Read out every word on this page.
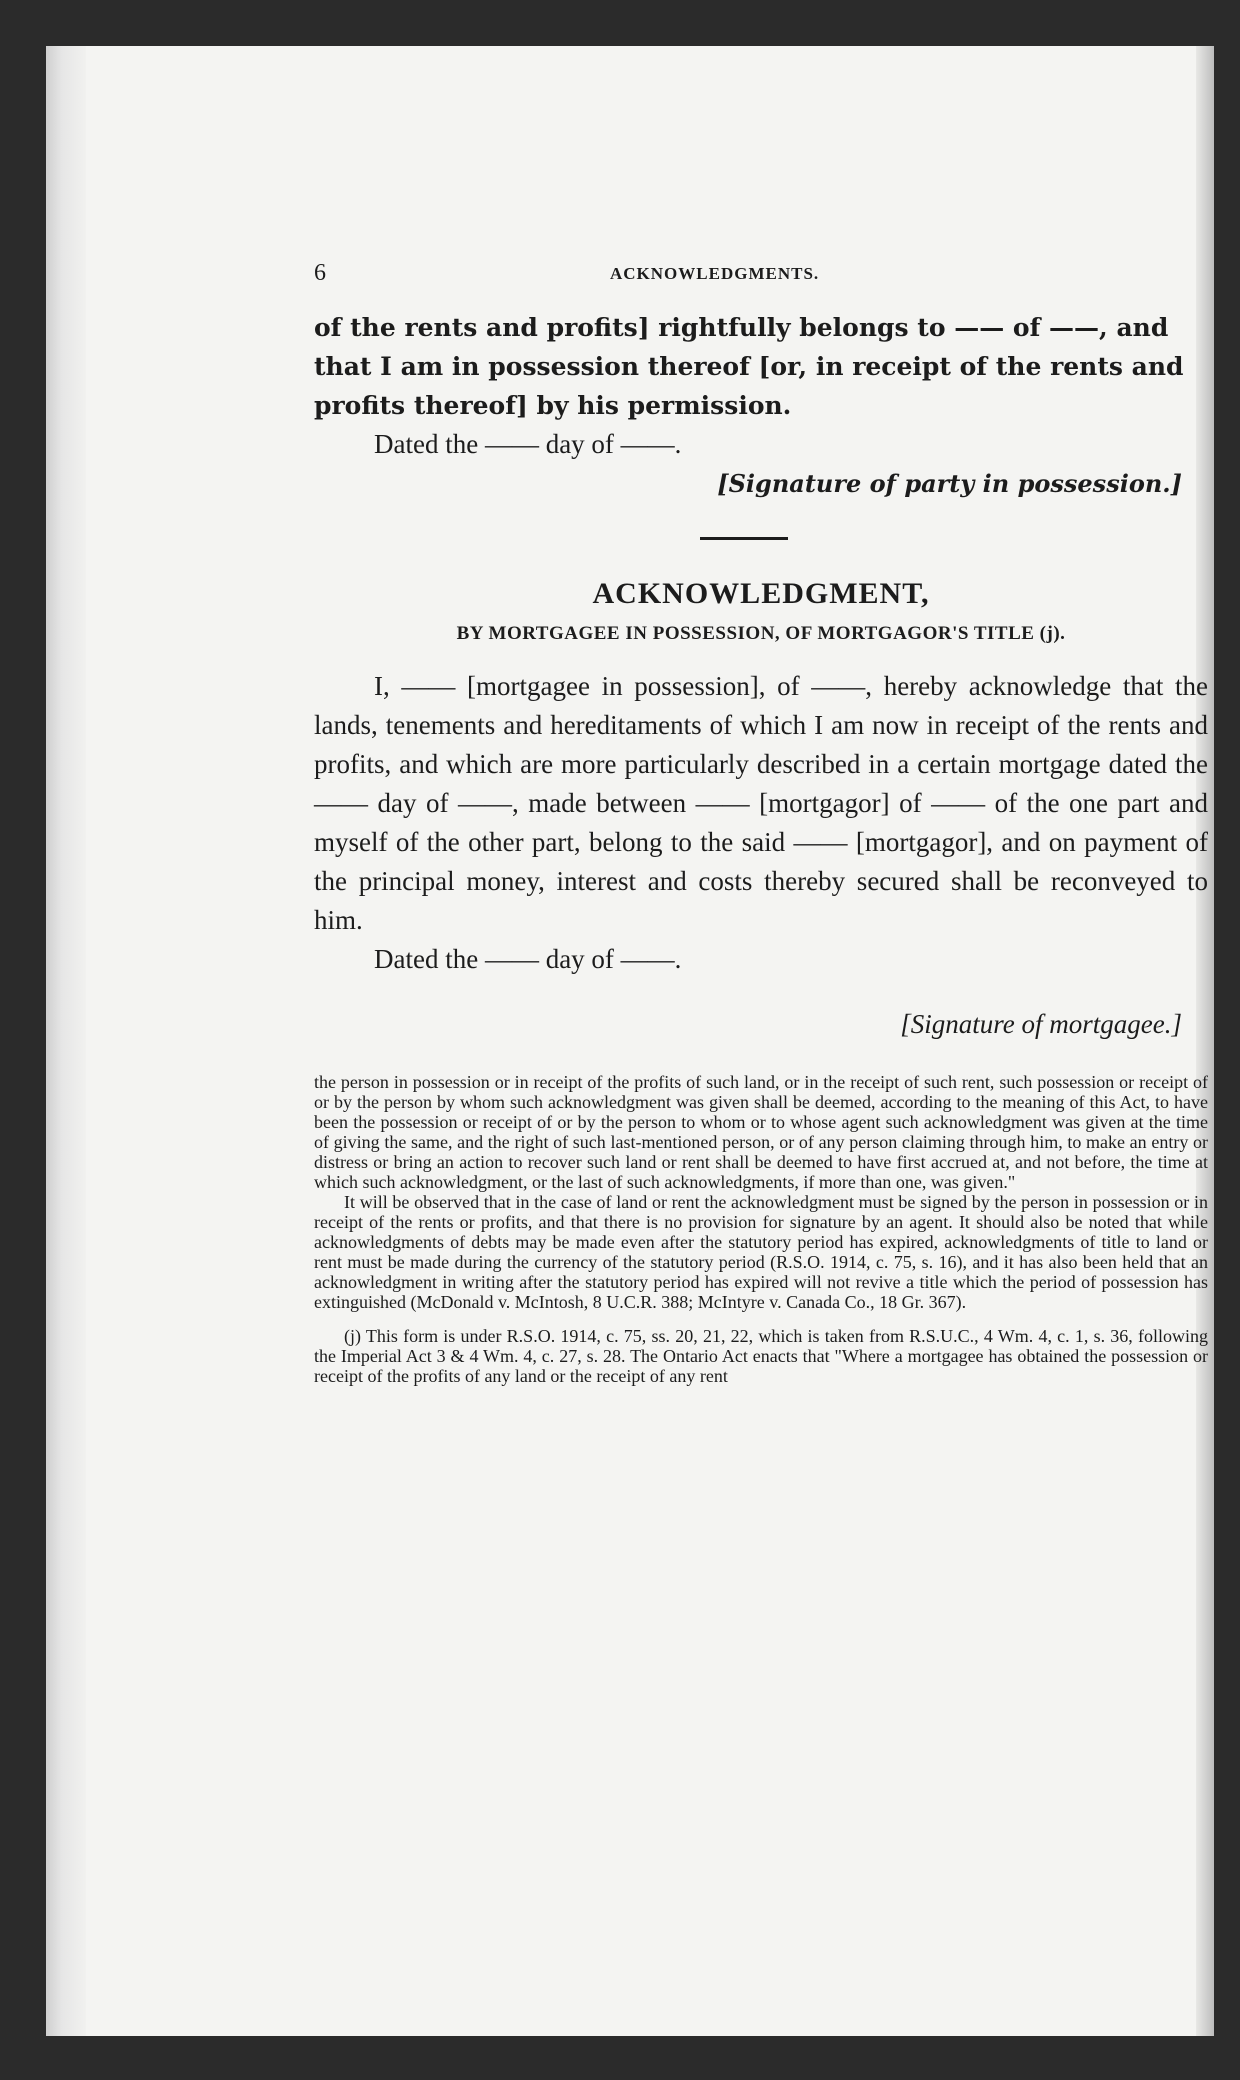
6	ACKNOWLEDGMENTS.

of the rents and profits] rightfully belongs to —— of ——, and

that I am in possession thereof [or, in receipt of the rents and

profits thereof] by his permission.

Dated the —— day of ——.

[Signature of party in possession.]

ACKNOWLEDGMENT,

BY MORTGAGEE IN POSSESSION, OF MORTGAGOR'S TITLE (j).

I, —— [mortgagee in possession], of ——, hereby acknowledge that the lands, tenements and hereditaments of which I am now in receipt of the rents and profits, and which are more particularly described in a certain mortgage dated the —— day of ——, made between —— [mortgagor] of —— of the one part and myself of the other part, belong to the said —— [mortgagor], and on payment of the principal money, interest and costs thereby secured shall be reconveyed to him.

Dated the —— day of ——.

[Signature of mortgagee.]

the person in possession or in receipt of the profits of such land, or in the receipt of such rent, such possession or receipt of or by the person by whom such acknowledgment was given shall be deemed, according to the meaning of this Act, to have been the possession or receipt of or by the person to whom or to whose agent such acknowledgment was given at the time of giving the same, and the right of such last-mentioned person, or of any person claiming through him, to make an entry or distress or bring an action to recover such land or rent shall be deemed to have first accrued at, and not before, the time at which such acknowledgment, or the last of such acknowledgments, if more than one, was given."

It will be observed that in the case of land or rent the acknowledgment must be signed by the person in possession or in receipt of the rents or profits, and that there is no provision for signature by an agent. It should also be noted that while acknowledgments of debts may be made even after the statutory period has expired, acknowledgments of title to land or rent must be made during the currency of the statutory period (R.S.O. 1914, c. 75, s. 16), and it has also been held that an acknowledgment in writing after the statutory period has expired will not revive a title which the period of possession has extinguished (McDonald v. McIntosh, 8 U.C.R. 388; McIntyre v. Canada Co., 18 Gr. 367).

(j) This form is under R.S.O. 1914, c. 75, ss. 20, 21, 22, which is taken from R.S.U.C., 4 Wm. 4, c. 1, s. 36, following the Imperial Act 3 & 4 Wm. 4, c. 27, s. 28. The Ontario Act enacts that "Where a mortgagee has obtained the possession or receipt of the profits of any land or the receipt of any rent
